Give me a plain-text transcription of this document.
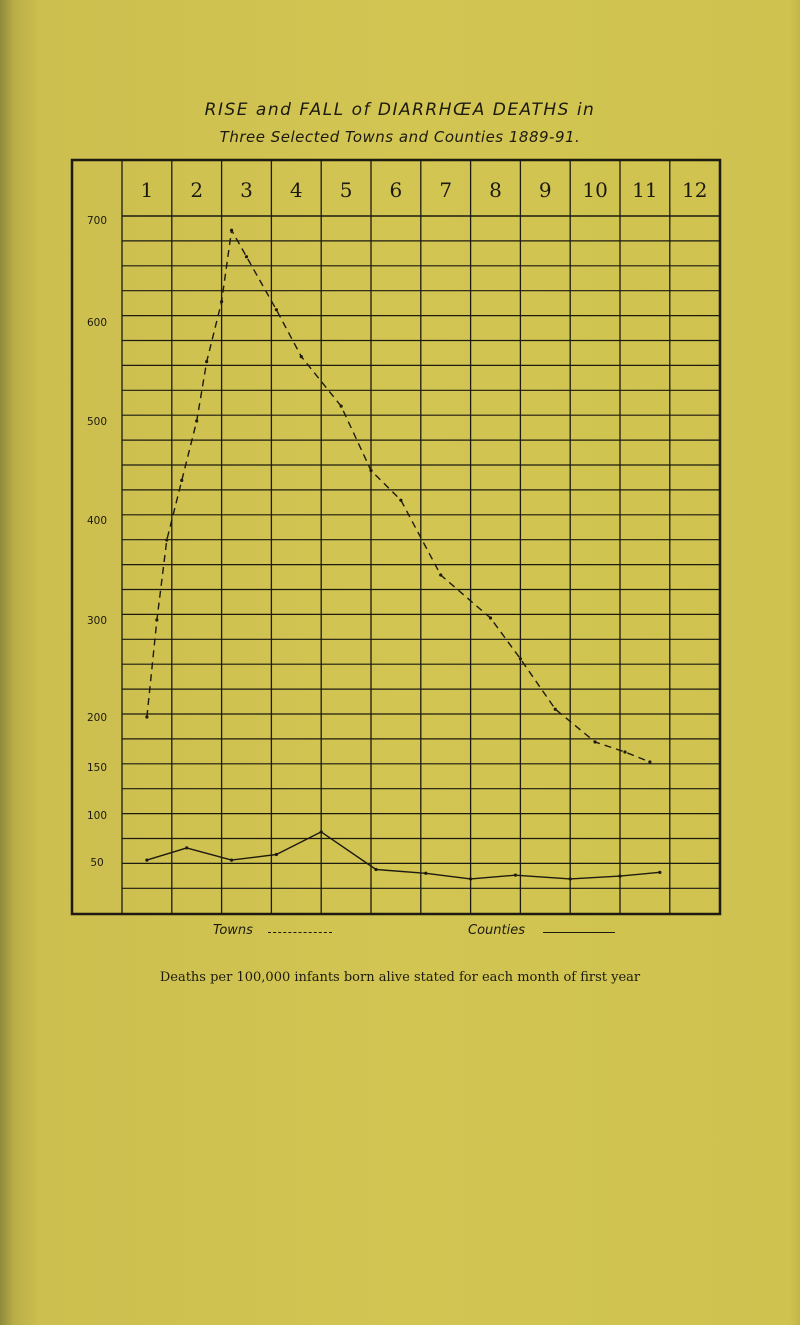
RISE and FALL of DIARRHŒA DEATHS in
Three Selected Towns and Counties 1889-91.
1 2 3 4 5 6 7 8 9 10 11 12
700
600
500
400
300
200
150
100
50
Towns	Counties
Deaths per 100,000 infants born alive stated for each month of first year
